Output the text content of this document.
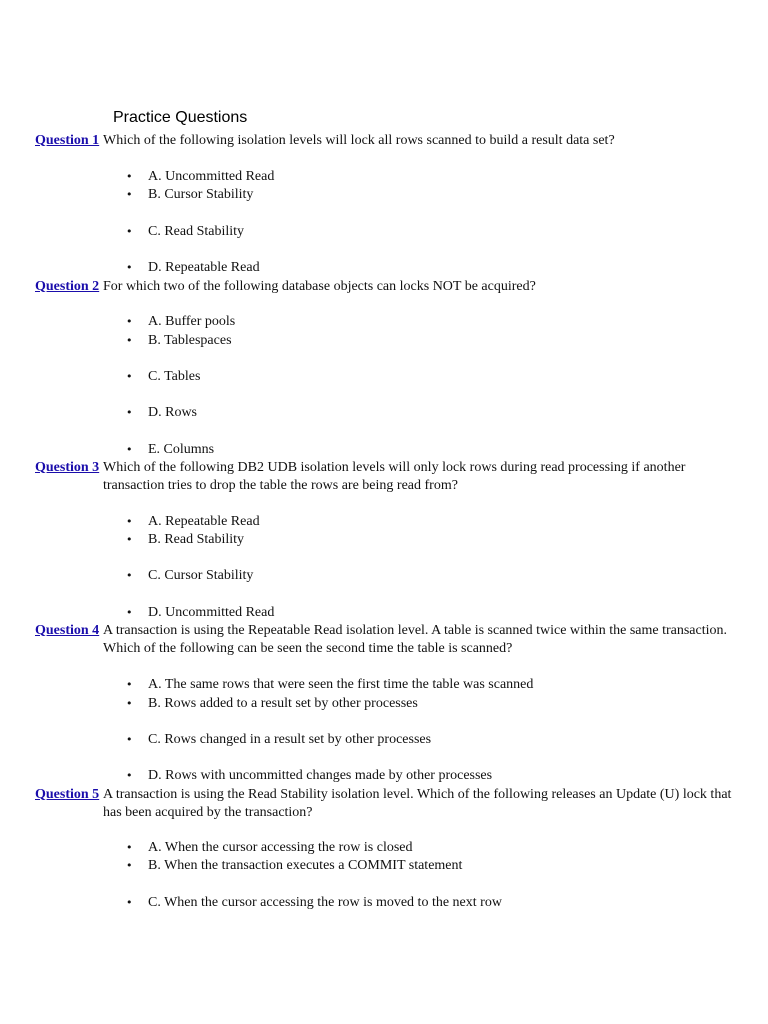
Practice Questions
Question 1 Which of the following isolation levels will lock all rows scanned to build a result data set?
• A. Uncommitted Read
• B. Cursor Stability
• C. Read Stability
• D. Repeatable Read
Question 2 For which two of the following database objects can locks NOT be acquired?
• A. Buffer pools
• B. Tablespaces
• C. Tables
• D. Rows
• E. Columns
Question 3 Which of the following DB2 UDB isolation levels will only lock rows during read processing if another transaction tries to drop the table the rows are being read from?
• A. Repeatable Read
• B. Read Stability
• C. Cursor Stability
• D. Uncommitted Read
Question 4 A transaction is using the Repeatable Read isolation level. A table is scanned twice within the same transaction. Which of the following can be seen the second time the table is scanned?
• A. The same rows that were seen the first time the table was scanned
• B. Rows added to a result set by other processes
• C. Rows changed in a result set by other processes
• D. Rows with uncommitted changes made by other processes
Question 5 A transaction is using the Read Stability isolation level. Which of the following releases an Update (U) lock that has been acquired by the transaction?
• A. When the cursor accessing the row is closed
• B. When the transaction executes a COMMIT statement
• C. When the cursor accessing the row is moved to the next row
